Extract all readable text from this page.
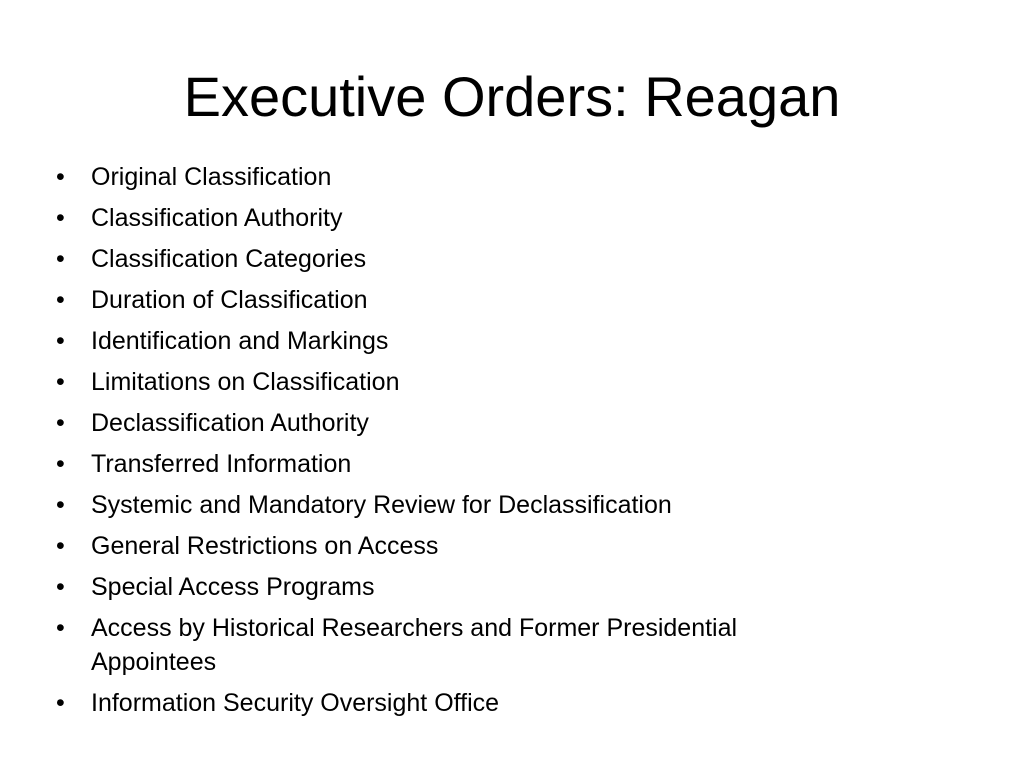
Executive Orders: Reagan
•	Original Classification
•	Classification Authority
•	Classification Categories
•	Duration of Classification
•	Identification and Markings
•	Limitations on Classification
•	Declassification Authority
•	Transferred Information
•	Systemic and Mandatory Review for Declassification
•	General Restrictions on Access
•	Special Access Programs
•	Access by Historical Researchers and Former Presidential Appointees
•	Information Security Oversight Office
